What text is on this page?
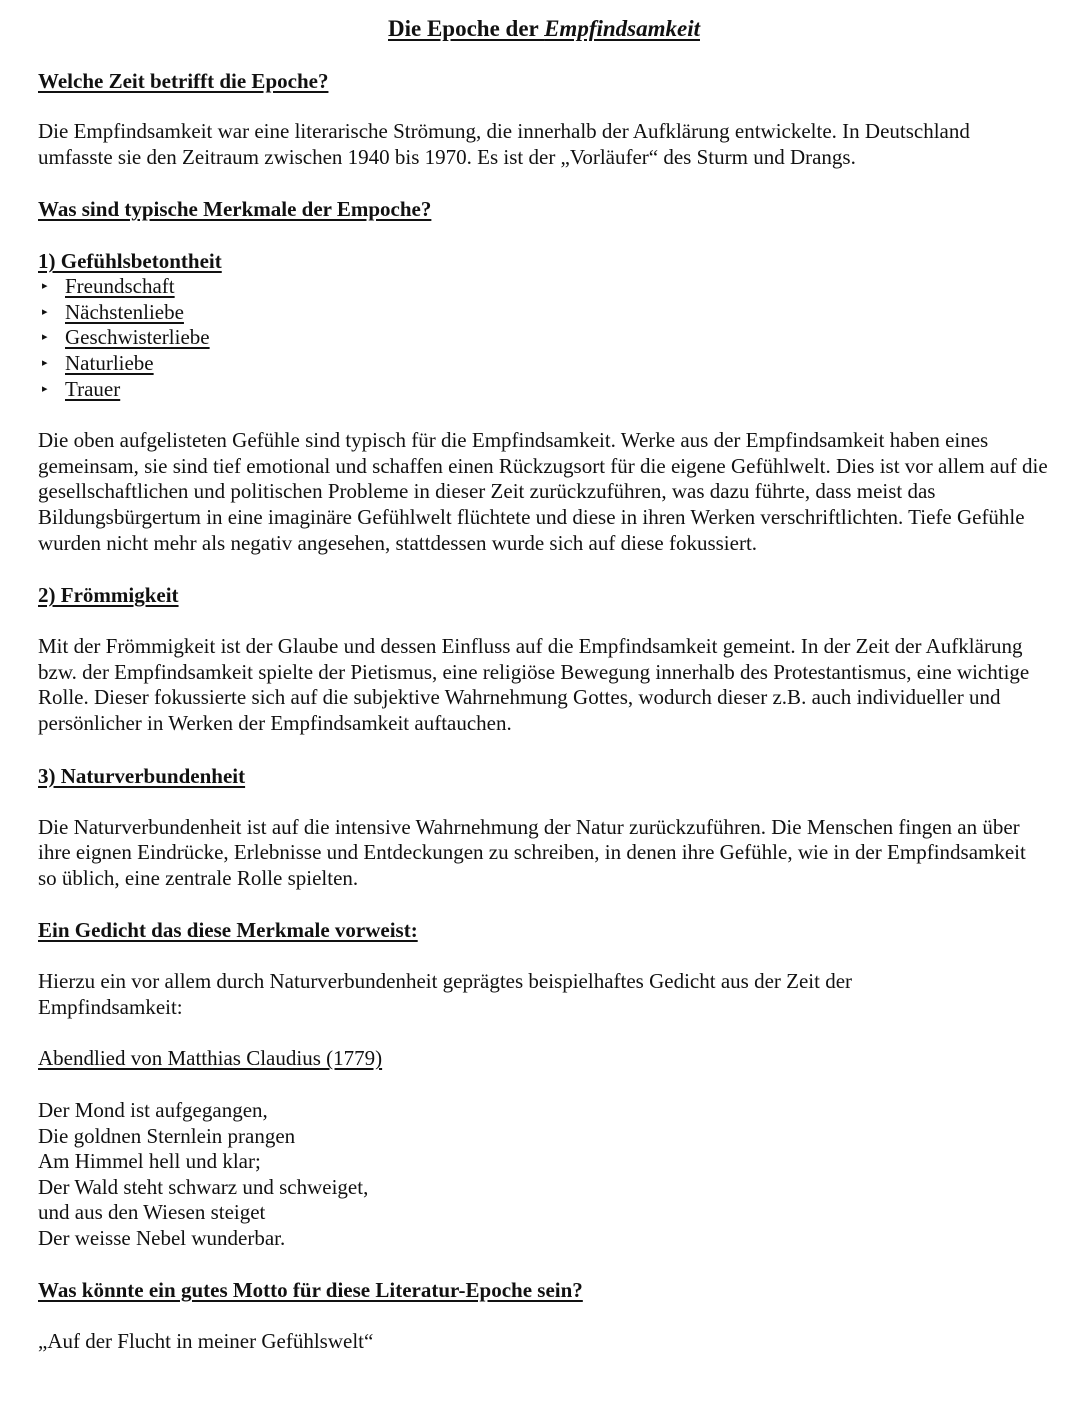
Die Epoche der Empfindsamkeit
Welche Zeit betrifft die Epoche?

Die Empfindsamkeit war eine literarische Strömung, die innerhalb der Aufklärung entwickelte. In Deutschland umfasste sie den Zeitraum zwischen 1940 bis 1970. Es ist der „Vorläufer“ des Sturm und Drangs.

Was sind typische Merkmale der Empoche?
1) Gefühlsbetontheit
▸ Freundschaft
▸ Nächstenliebe
▸ Geschwisterliebe
▸ Naturliebe
▸ Trauer

Die oben aufgelisteten Gefühle sind typisch für die Empfindsamkeit. Werke aus der Empfindsamkeit haben eines gemeinsam, sie sind tief emotional und schaffen einen Rückzugsort für die eigene Gefühlwelt. Dies ist vor allem auf die gesellschaftlichen und politischen Probleme in dieser Zeit zurückzuführen, was dazu führte, dass meist das Bildungsbürgertum in eine imaginäre Gefühlwelt flüchtete und diese in ihren Werken verschriftlichten. Tiefe Gefühle wurden nicht mehr als negativ angesehen, stattdessen wurde sich auf diese fokussiert.

2) Frömmigkeit

Mit der Frömmigkeit ist der Glaube und dessen Einfluss auf die Empfindsamkeit gemeint. In der Zeit der Aufklärung bzw. der Empfindsamkeit spielte der Pietismus, eine religiöse Bewegung innerhalb des Protestantismus, eine wichtige Rolle. Dieser fokussierte sich auf die subjektive Wahrnehmung Gottes, wodurch dieser z.B. auch individueller und persönlicher in Werken der Empfindsamkeit auftauchen.

3) Naturverbundenheit

Die Naturverbundenheit ist auf die intensive Wahrnehmung der Natur zurückzuführen. Die Menschen fingen an über ihre eignen Eindrücke, Erlebnisse und Entdeckungen zu schreiben, in denen ihre Gefühle, wie in der Empfindsamkeit so üblich, eine zentrale Rolle spielten.

Ein Gedicht das diese Merkmale vorweist:

Hierzu ein vor allem durch Naturverbundenheit geprägtes beispielhaftes Gedicht aus der Zeit der Empfindsamkeit:

Abendlied von Matthias Claudius (1779)

Der Mond ist aufgegangen,

Die goldnen Sternlein prangen

Am Himmel hell und klar;

Der Wald steht schwarz und schweiget,

und aus den Wiesen steiget

Der weisse Nebel wunderbar.

Was könnte ein gutes Motto für diese Literatur-Epoche sein?

„Auf der Flucht in meiner Gefühlswelt“
